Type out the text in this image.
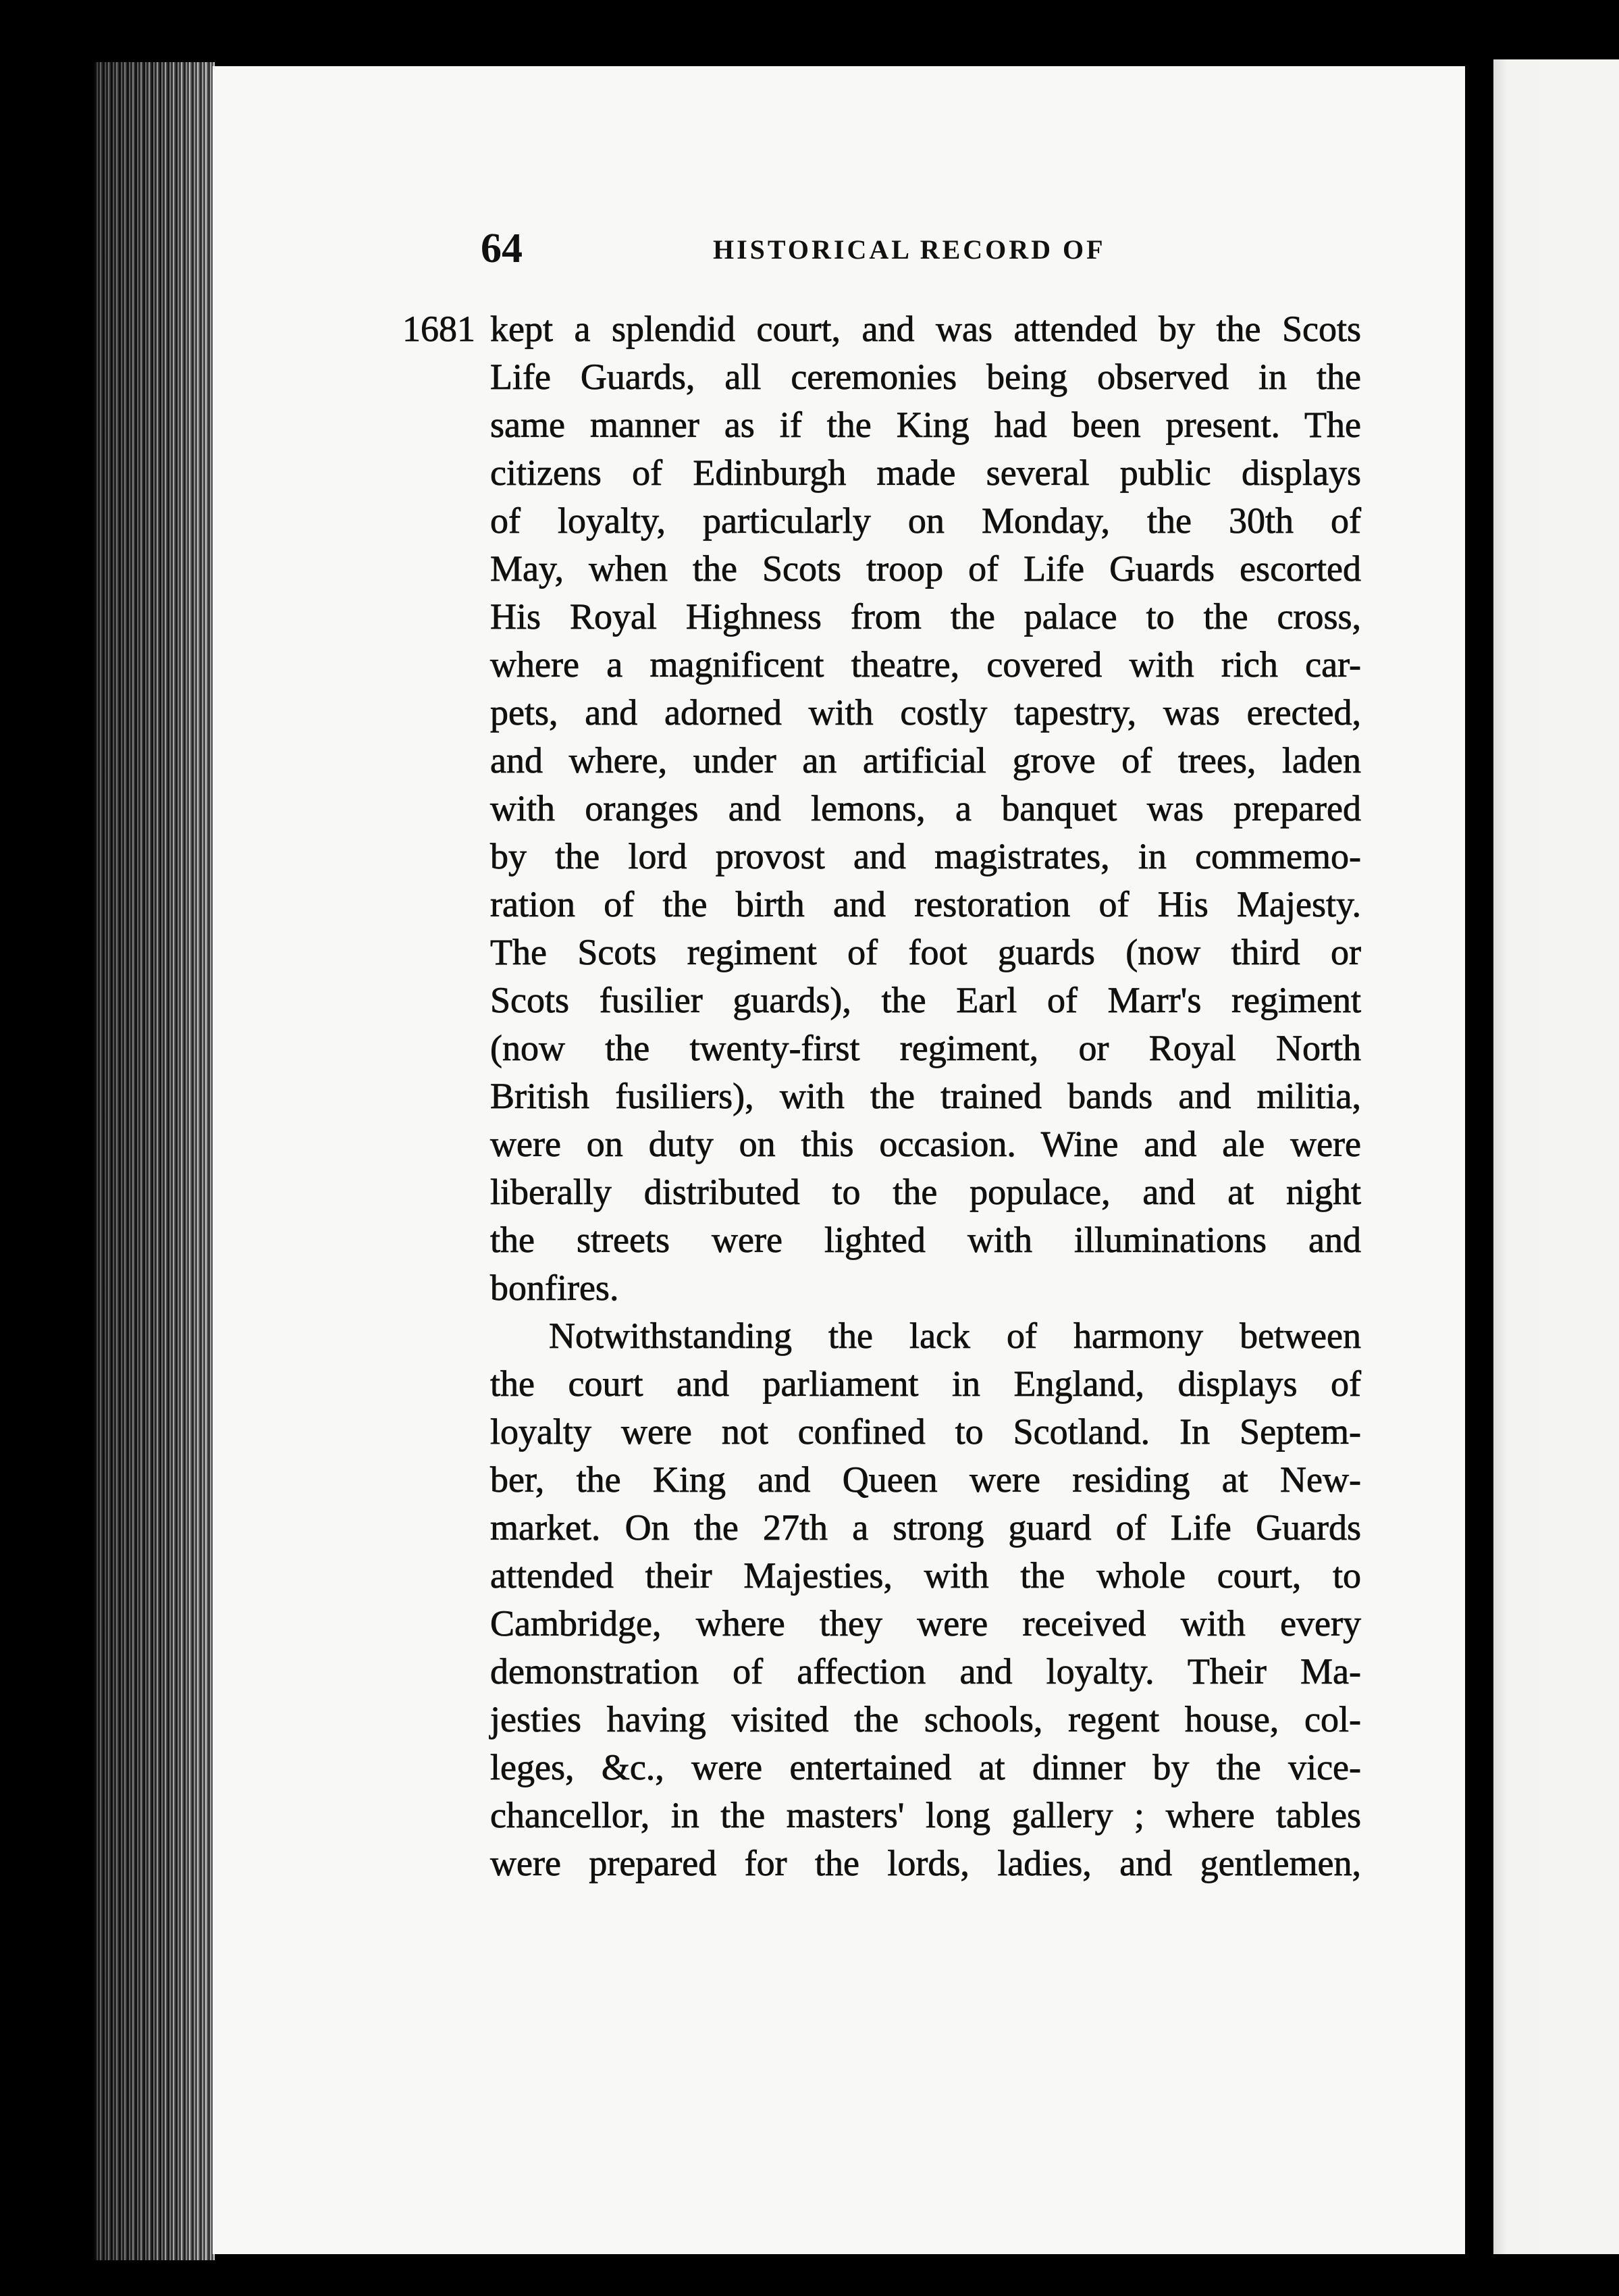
64	HISTORICAL RECORD OF
1681 kept a splendid court, and was attended by the Scots
Life Guards, all ceremonies being observed in the
same manner as if the King had been present. The
citizens of Edinburgh made several public displays
of loyalty, particularly on Monday, the 30th of
May, when the Scots troop of Life Guards escorted
His Royal Highness from the palace to the cross,
where a magnificent theatre, covered with rich car-
pets, and adorned with costly tapestry, was erected,
and where, under an artificial grove of trees, laden
with oranges and lemons, a banquet was prepared
by the lord provost and magistrates, in commemo-
ration of the birth and restoration of His Majesty.
The Scots regiment of foot guards (now third or
Scots fusilier guards), the Earl of Marr's regiment
(now the twenty-first regiment, or Royal North
British fusiliers), with the trained bands and militia,
were on duty on this occasion. Wine and ale were
liberally distributed to the populace, and at night
the streets were lighted with illuminations and
bonfires.
Notwithstanding the lack of harmony between
the court and parliament in England, displays of
loyalty were not confined to Scotland. In Septem-
ber, the King and Queen were residing at New-
market. On the 27th a strong guard of Life Guards
attended their Majesties, with the whole court, to
Cambridge, where they were received with every
demonstration of affection and loyalty. Their Ma-
jesties having visited the schools, regent house, col-
leges, &c., were entertained at dinner by the vice-
chancellor, in the masters' long gallery ; where tables
were prepared for the lords, ladies, and gentlemen,
